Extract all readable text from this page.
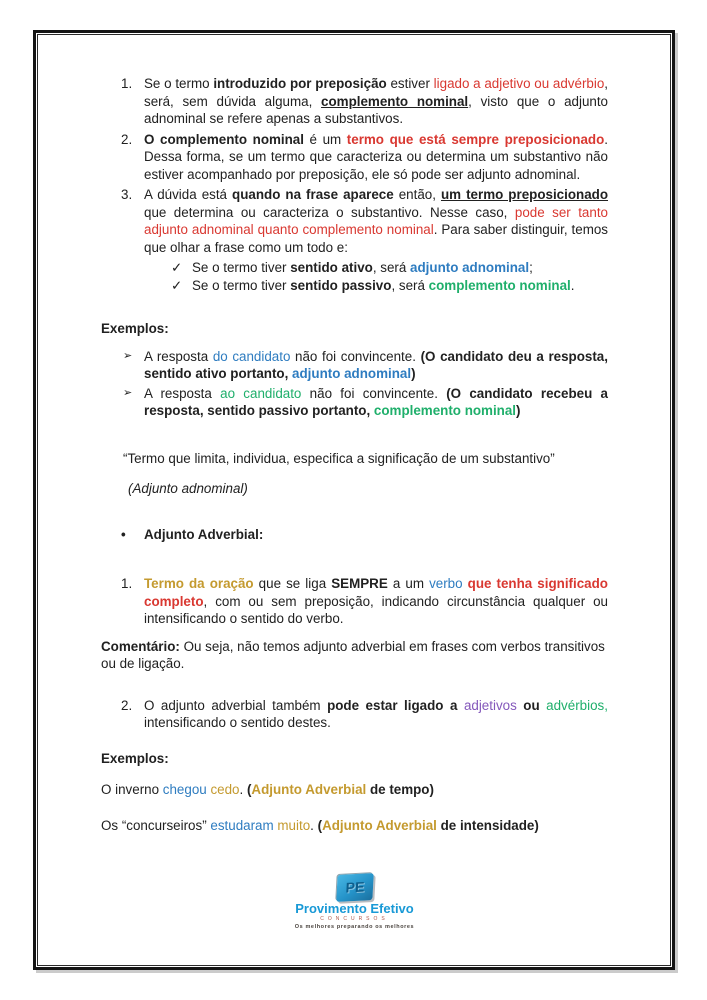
1. Se o termo introduzido por preposição estiver ligado a adjetivo ou advérbio, será, sem dúvida alguma, complemento nominal, visto que o adjunto adnominal se refere apenas a substantivos.
2. O complemento nominal é um termo que está sempre preposicionado. Dessa forma, se um termo que caracteriza ou determina um substantivo não estiver acompanhado por preposição, ele só pode ser adjunto adnominal.
3. A dúvida está quando na frase aparece então, um termo preposicionado que determina ou caracteriza o substantivo. Nesse caso, pode ser tanto adjunto adnominal quanto complemento nominal. Para saber distinguir, temos que olhar a frase como um todo e:
✓ Se o termo tiver sentido ativo, será adjunto adnominal;
✓ Se o termo tiver sentido passivo, será complemento nominal.
Exemplos:
➢ A resposta do candidato não foi convincente. (O candidato deu a resposta, sentido ativo portanto, adjunto adnominal)
➢ A resposta ao candidato não foi convincente. (O candidato recebeu a resposta, sentido passivo portanto, complemento nominal)
“Termo que limita, individua, especifica a significação de um substantivo”
(Adjunto adnominal)
•	Adjunto Adverbial:
1. Termo da oração que se liga SEMPRE a um verbo que tenha significado completo, com ou sem preposição, indicando circunstância qualquer ou intensificando o sentido do verbo.
Comentário: Ou seja, não temos adjunto adverbial em frases com verbos transitivos ou de ligação.
2. O adjunto adverbial também pode estar ligado a adjetivos ou advérbios, intensificando o sentido destes.
Exemplos:
O inverno chegou cedo. (Adjunto Adverbial de tempo)
Os “concurseiros” estudaram muito. (Adjunto Adverbial de intensidade)
PE
Provimento Efetivo
CONCURSOS
Os melhores preparando os melhores
